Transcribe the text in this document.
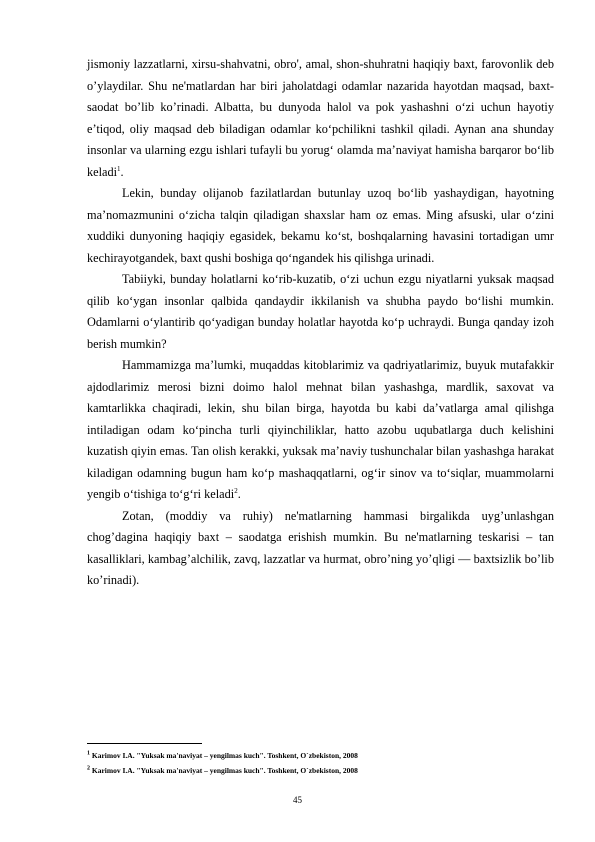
jismoniy lazzatlarni, xirsu-shahvatni, obro', amal, shon-shuhratni haqiqiy baxt, farovonlik deb o’ylaydilar. Shu ne'matlardan har biri jaholatdagi odamlar nazarida hayotdan maqsad, baxt-saodat bo’lib ko’rinadi. Albatta, bu dunyoda halol va pok yashashni o‘zi uchun hayotiy e’tiqod, oliy maqsad deb biladigan odamlar ko‘pchilikni tashkil qiladi. Aynan ana shunday insonlar va ularning ezgu ishlari tufayli bu yorug‘ olamda ma’naviyat hamisha barqaror bo‘lib keladi$^1$.

Lekin, bunday olijanob fazilatlardan butunlay uzoq bo‘lib yashaydigan, hayotning ma’nomazmunini o‘zicha talqin qiladigan shaxslar ham oz emas. Ming afsuski, ular o‘zini xuddiki dunyoning haqiqiy egasidek, bekamu ko‘st, boshqalarning havasini tortadigan umr kechirayotgandek, baxt qushi boshiga qo‘ngandek his qilishga urinadi.

Tabiiyki, bunday holatlarni ko‘rib-kuzatib, o‘zi uchun ezgu niyatlarni yuksak maqsad qilib ko‘ygan insonlar qalbida qandaydir ikkilanish va shubha paydo bo‘lishi mumkin. Odamlarni o‘ylantirib qo‘yadigan bunday holatlar hayotda ko‘p uchraydi. Bunga qanday izoh berish mumkin?

Hammamizga ma’lumki, muqaddas kitoblarimiz va qadriyatlarimiz, buyuk mutafakkir ajdodlarimiz merosi bizni doimo halol mehnat bilan yashashga, mardlik, saxovat va kamtarlikka chaqiradi, lekin, shu bilan birga, hayotda bu kabi da’vatlarga amal qilishga intiladigan odam ko‘pincha turli qiyinchiliklar, hatto azobu uqubatlarga duch kelishini kuzatish qiyin emas. Tan olish kerakki, yuksak ma’naviy tushunchalar bilan yashashga harakat kiladigan odamning bugun ham ko‘p mashaqqatlarni, og‘ir sinov va to‘siqlar, muammolarni yengib o‘tishiga to‘g‘ri keladi$^2$.

Zotan, (moddiy va ruhiy) ne'matlarning hammasi birgalikda uyg’unlashgan chog’dagina haqiqiy baxt – saodatga erishish mumkin. Bu ne'matlarning teskarisi – tan kasalliklari, kambag’alchilik, zavq, lazzatlar va hurmat, obro’ning yo’qligi — baxtsizlik bo’lib ko’rinadi).

$^1$ Karimov I.A. "Yuksak ma'naviyat – yengilmas kuch". Toshkent, O`zbekiston, 2008
$^2$ Karimov I.A. "Yuksak ma'naviyat – yengilmas kuch". Toshkent, O`zbekiston, 2008
45
